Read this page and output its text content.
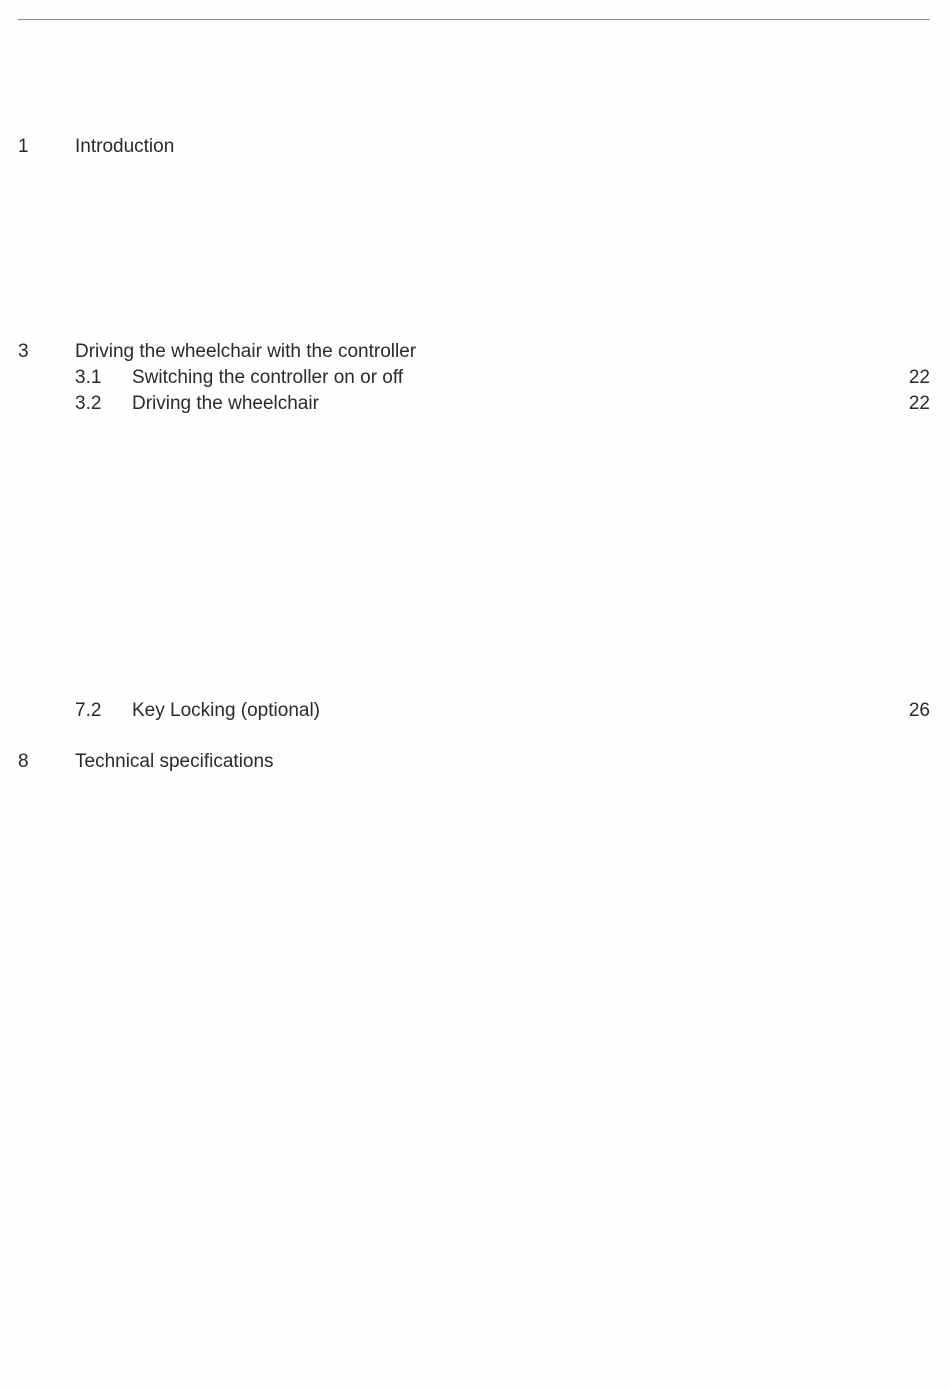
1 Introduction
3 Driving the wheelchair with the controller
3.1 Switching the controller on or off	22
3.2 Driving the wheelchair	22
7.2 Key Locking (optional)	26
8 Technical specifications
